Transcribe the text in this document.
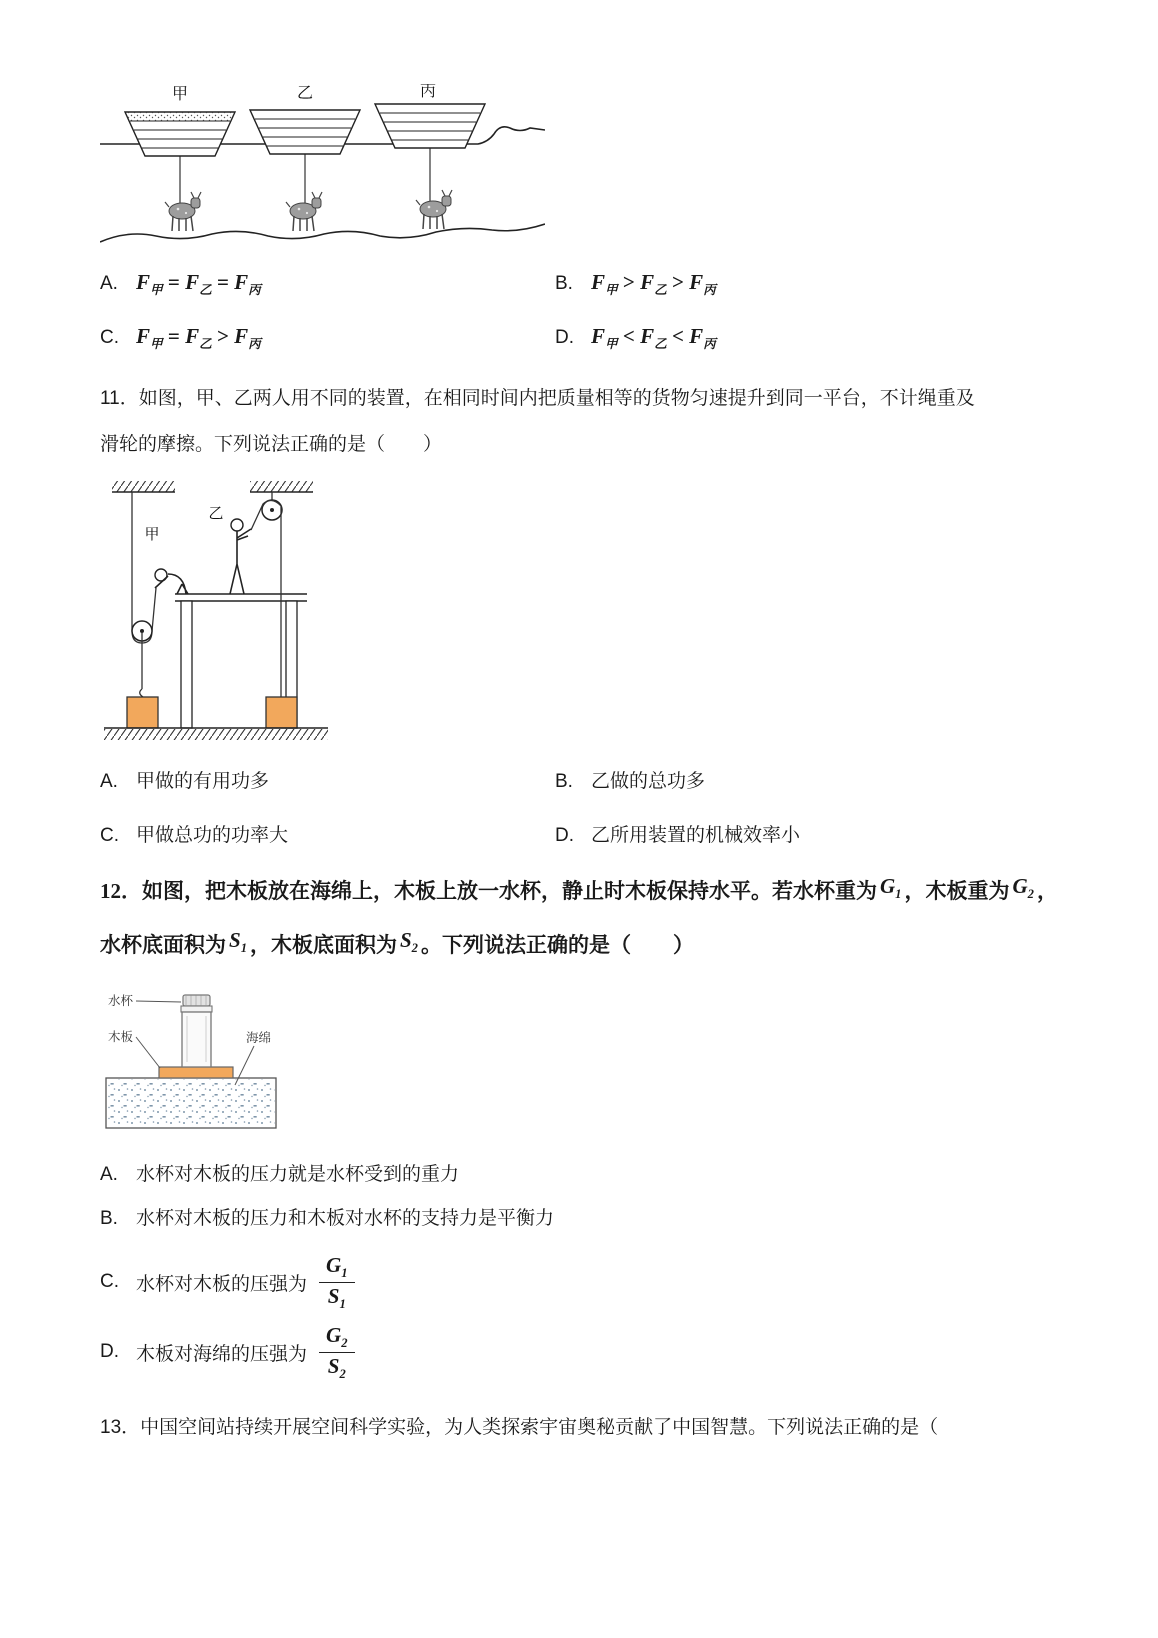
甲	乙	丙
A. $F_甲 = F_乙 = F_丙$	B. $F_甲 > F_乙 > F_丙$
C. $F_甲 = F_乙 > F_丙$	D. $F_甲 < F_乙 < F_丙$
11．如图，甲、乙两人用不同的装置，在相同时间内把质量相等的货物匀速提升到同一平台，不计绳重及
滑轮的摩擦。下列说法正确的是（　　）
甲
乙
A. 甲做的有用功多	B. 乙做的总功多
C. 甲做总功的功率大	D. 乙所用装置的机械效率小
12．如图，把木板放在海绵上，木板上放一水杯，静止时木板保持水平。若水杯重为 $G_1$ ，木板重为 $G_2$ ，
水杯底面积为 $S_1$ ，木板底面积为 $S_2$ 。下列说法正确的是（　　）
水杯
木板	海绵
A. 水杯对木板的压力就是水杯受到的重力
B. 水杯对木板的压力和木板对水杯的支持力是平衡力
C. 水杯对木板的压强为 $\frac{G_1}{S_1}$
D. 木板对海绵的压强为 $\frac{G_2}{S_2}$
13．中国空间站持续开展空间科学实验，为人类探索宇宙奥秘贡献了中国智慧。下列说法正确的是（
